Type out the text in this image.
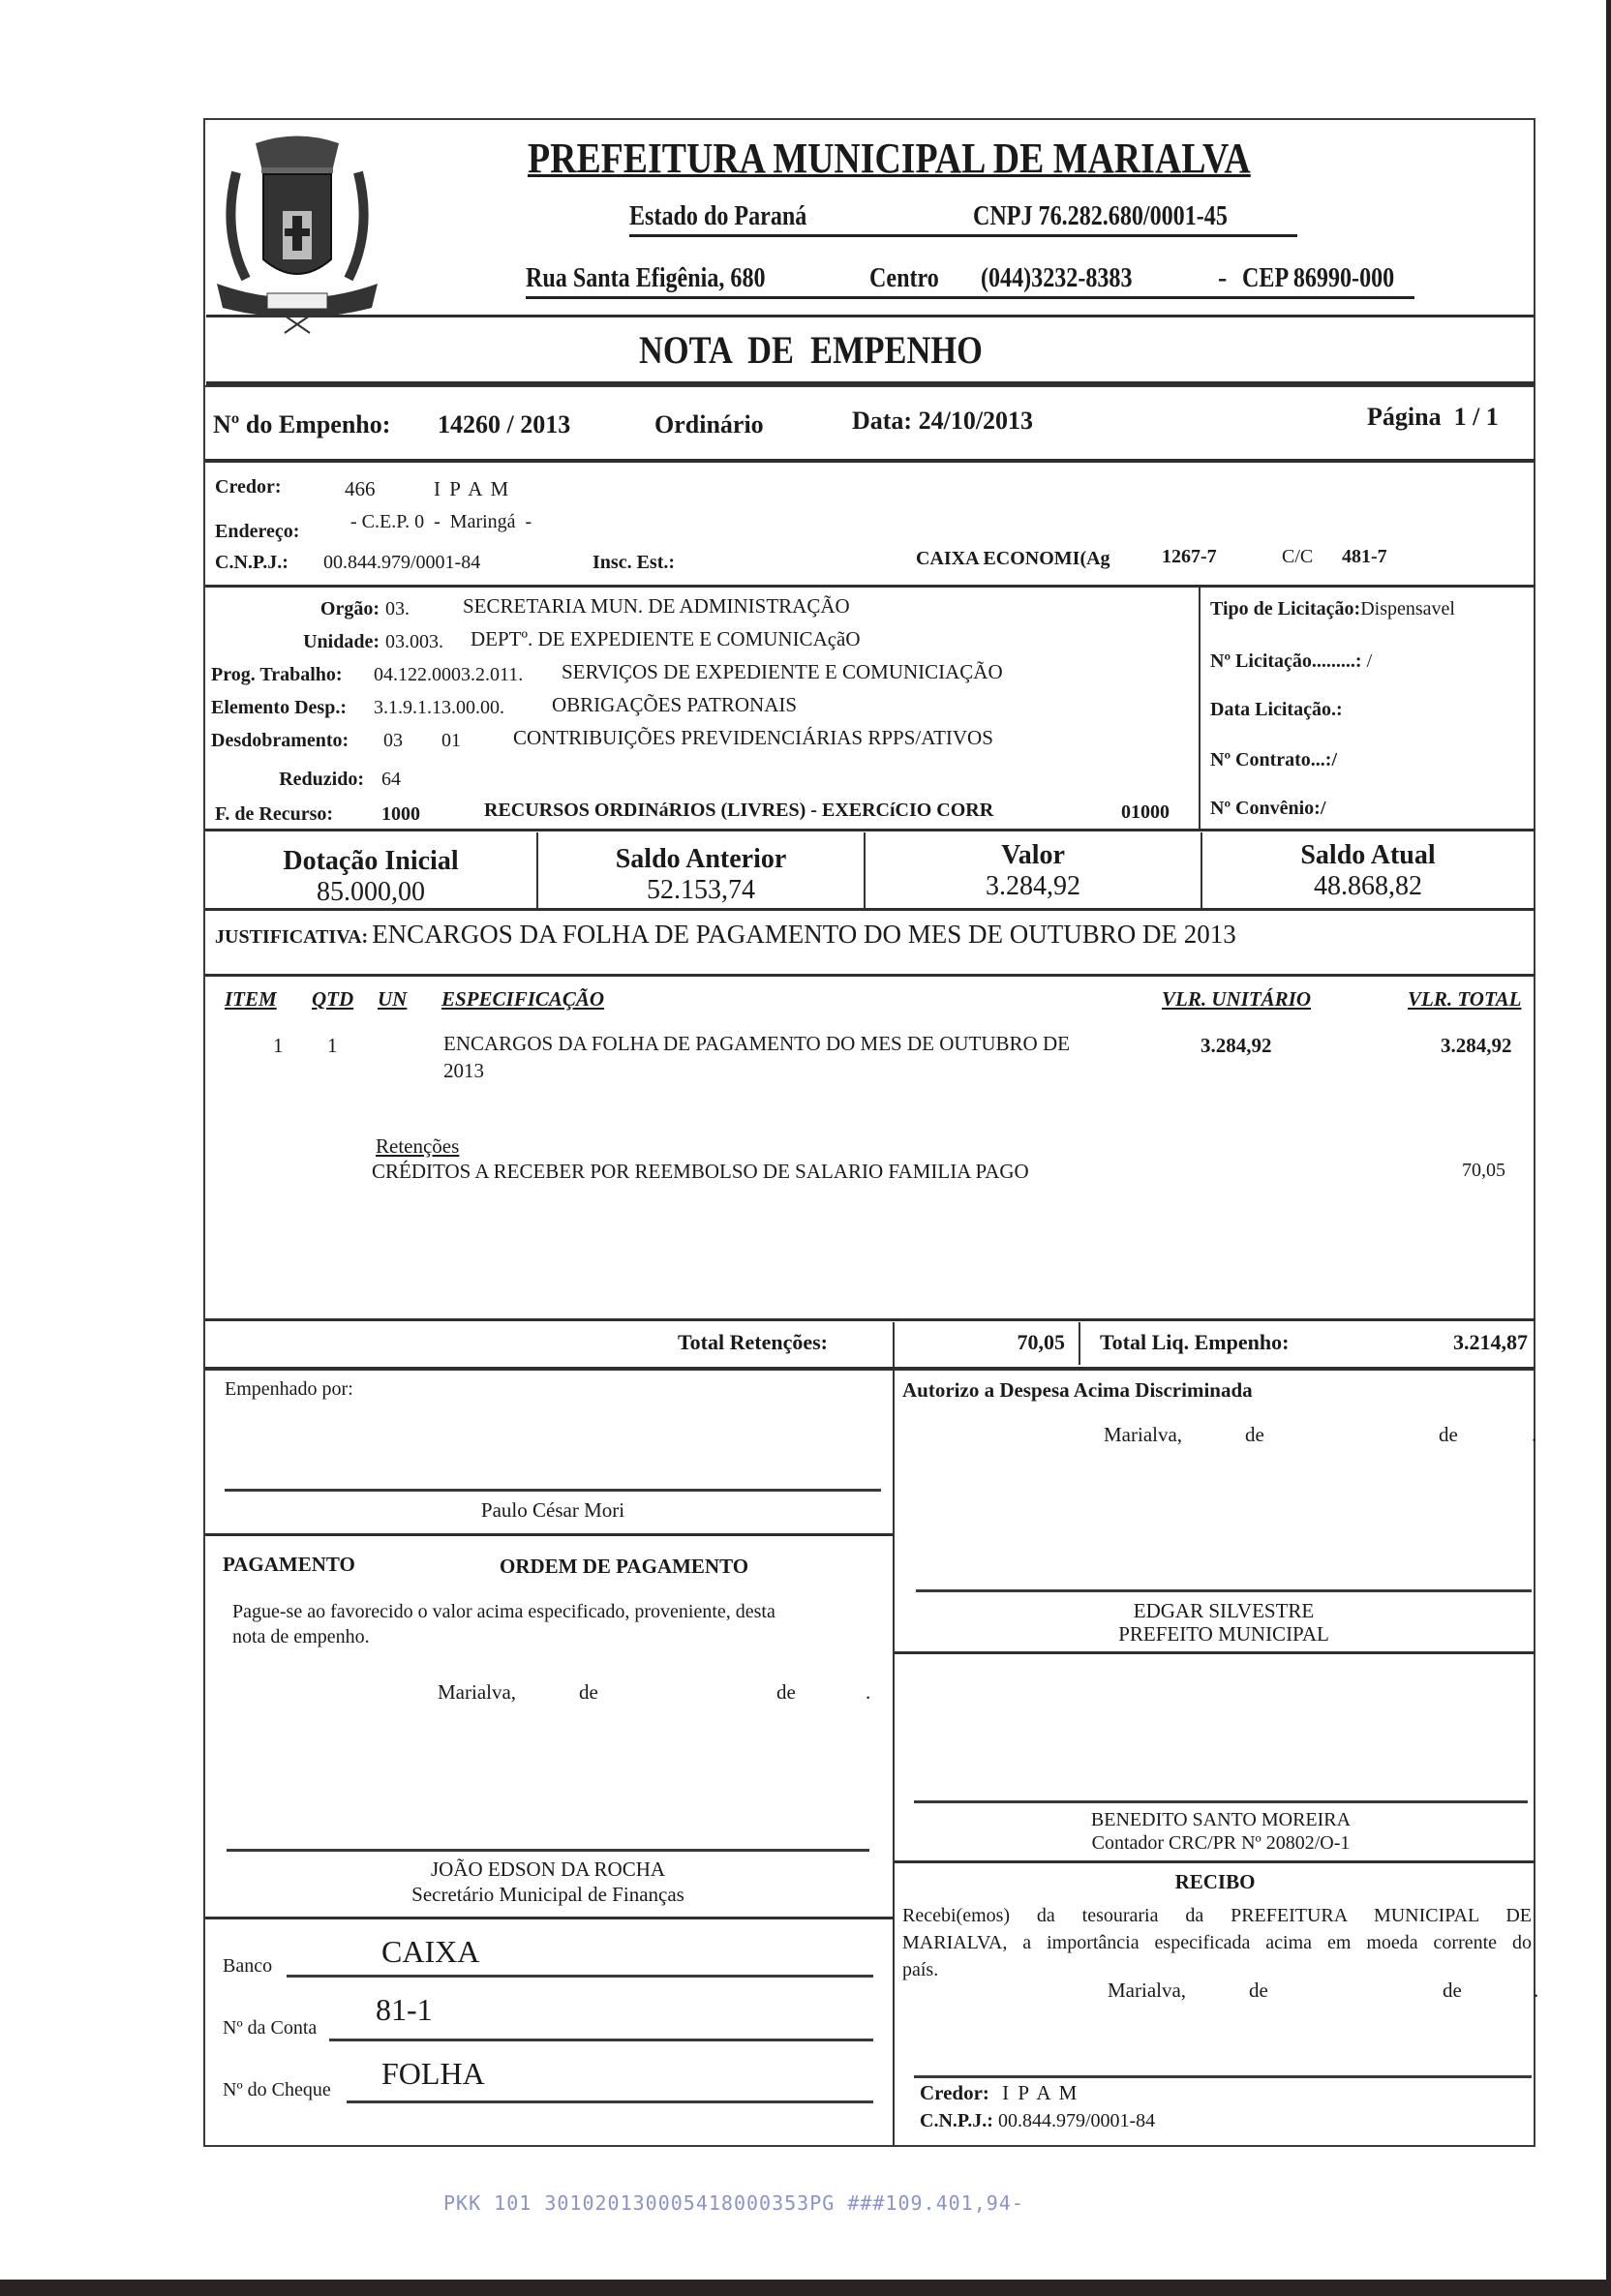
PREFEITURA MUNICIPAL DE MARIALVA
Estado do Paraná	CNPJ 76.282.680/0001-45
Rua Santa Efigênia, 680	Centro (044)3232-8383	- CEP 86990-000
NOTA  DE  EMPENHO
Nº do Empenho: 14260 / 2013	Ordinário	Data: 24/10/2013	Página 1 / 1
Credor:	466	I P A M
Endereço:	- C.E.P. 0  -  Maringá  -
C.N.P.J.: 00.844.979/0001-84	Insc. Est.:	CAIXA ECONOMI(Ag	1267-7	C/C 481-7
Orgão: 03.	SECRETARIA MUN. DE ADMINISTRAÇÃO
Unidade: 03.003. DEPTº. DE EXPEDIENTE E COMUNICAçãO
Prog. Trabalho: 04.122.0003.2.011. SERVIÇOS DE EXPEDIENTE E COMUNICIAÇÃO
Elemento Desp.: 3.1.9.1.13.00.00. OBRIGAÇÕES PATRONAIS
Desdobramento: 03 01	CONTRIBUIÇÕES PREVIDENCIÁRIAS RPPS/ATIVOS
Reduzido: 64
F. de Recurso: 1000	RECURSOS ORDINáRIOS (LIVRES) - EXERCíCIO CORR	01000
Tipo de Licitação:Dispensavel
Nº Licitação.........: /
Data Licitação.:
Nº Contrato...:/
Nº Convênio:/
Dotação Inicial
85.000,00
Saldo Anterior
52.153,74
Valor
3.284,92
Saldo Atual
48.868,82
JUSTIFICATIVA: ENCARGOS DA FOLHA DE PAGAMENTO DO MES DE OUTUBRO DE 2013
ITEM QTD UN ESPECIFICAÇÃO	VLR. UNITÁRIO	VLR. TOTAL
1 1	ENCARGOS DA FOLHA DE PAGAMENTO DO MES DE OUTUBRO DE
2013
3.284,92	3.284,92
Retenções
CRÉDITOS A RECEBER POR REEMBOLSO DE SALARIO FAMILIA PAGO	70,05
Total Retenções:	70,05 Total Liq. Empenho:	3.214,87
Empenhado por:
Paulo César Mori
PAGAMENTO	ORDEM DE PAGAMENTO
Pague-se ao favorecido o valor acima especificado, proveniente, desta
nota de empenho.
Marialva,	de	de	.
JOÃO EDSON DA ROCHA
Secretário Municipal de Finanças
Banco	CAIXA
Nº da Conta
81-1
Nº do Cheque FOLHA
Autorizo a Despesa Acima Discriminada
Marialva,	de	de	.
EDGAR SILVESTRE
PREFEITO MUNICIPAL
BENEDITO SANTO MOREIRA
Contador CRC/PR Nº 20802/O-1
RECIBO
Recebi(emos) da tesouraria da PREFEITURA MUNICIPAL DE
MARIALVA, a importância especificada acima em moeda corrente do
país.
Marialva,	de	de	.
Credor: I P A M
C.N.P.J.: 00.844.979/0001-84
PKK 101 301020130005418000353PG ###109.401,94-
